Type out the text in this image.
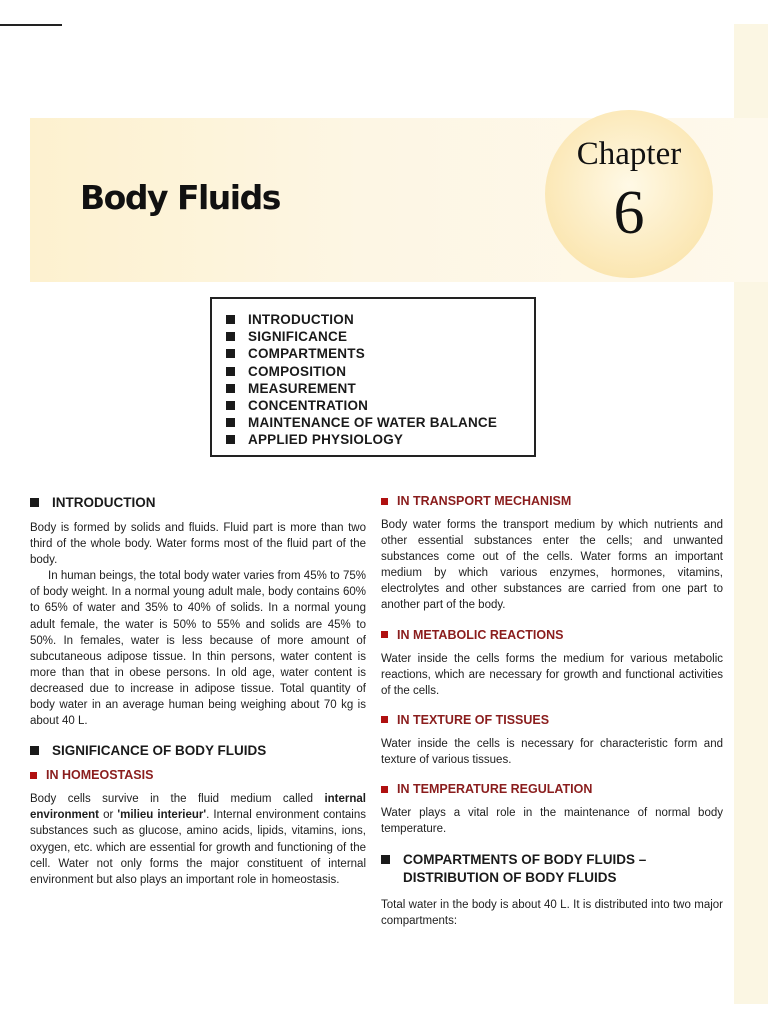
Body Fluids
Chapter
6
INTRODUCTION
SIGNIFICANCE
COMPARTMENTS
COMPOSITION
MEASUREMENT
CONCENTRATION
MAINTENANCE OF WATER BALANCE
APPLIED PHYSIOLOGY
INTRODUCTION

Body is formed by solids and fluids. Fluid part is more than two third of the whole body. Water forms most of the fluid part of the body.

In human beings, the total body water varies from 45% to 75% of body weight. In a normal young adult male, body contains 60% to 65% of water and 35% to 40% of solids. In a normal young adult female, the water is 50% to 55% and solids are 45% to 50%. In females, water is less because of more amount of subcutaneous adipose tissue. In thin persons, water content is more than that in obese persons. In old age, water content is decreased due to increase in adipose tissue. Total quantity of body water in an average human being weighing about 70 kg is about 40 L.

SIGNIFICANCE OF BODY FLUIDS
IN HOMEOSTASIS

Body cells survive in the fluid medium called internal environment or 'milieu interieur'. Internal environment contains substances such as glucose, amino acids, lipids, vitamins, ions, oxygen, etc. which are essential for growth and functioning of the cell. Water not only forms the major constituent of internal environment but also plays an important role in homeostasis.

IN TRANSPORT MECHANISM

Body water forms the transport medium by which nutrients and other essential substances enter the cells; and unwanted substances come out of the cells. Water forms an important medium by which various enzymes, hormones, vitamins, electrolytes and other substances are carried from one part to another part of the body.

IN METABOLIC REACTIONS

Water inside the cells forms the medium for various metabolic reactions, which are necessary for growth and functional activities of the cells.

IN TEXTURE OF TISSUES

Water inside the cells is necessary for characteristic form and texture of various tissues.

IN TEMPERATURE REGULATION

Water plays a vital role in the maintenance of normal body temperature.

COMPARTMENTS OF BODY FLUIDS –
DISTRIBUTION OF BODY FLUIDS

Total water in the body is about 40 L. It is distributed into two major compartments:
